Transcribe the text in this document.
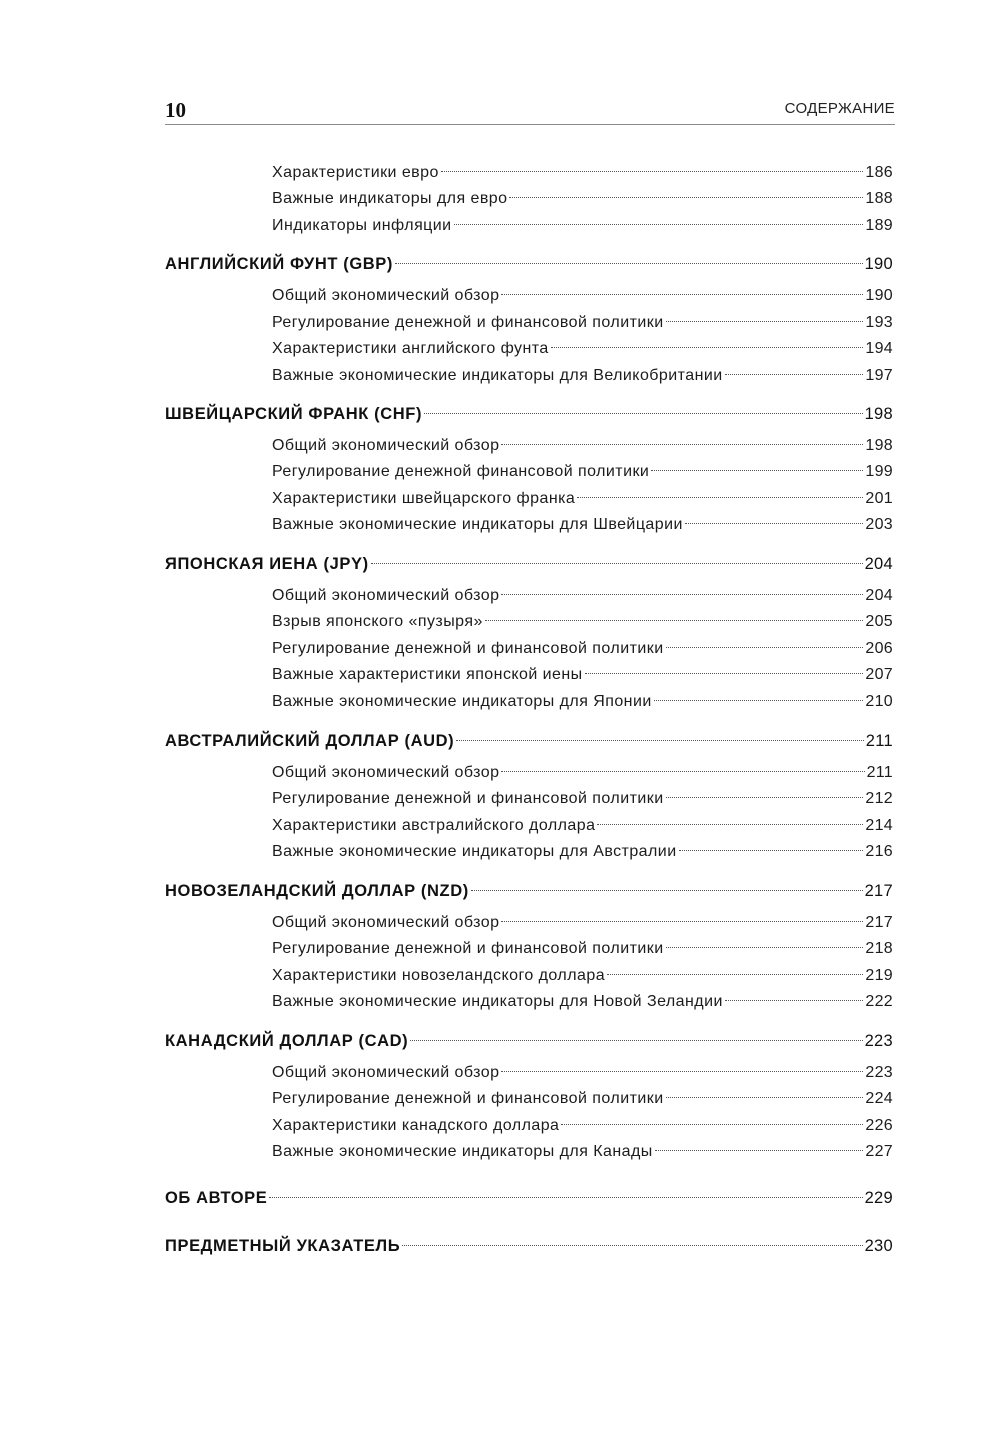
10	СОДЕРЖАНИЕ
Характеристики евро	186
Важные индикаторы для евро	188
Индикаторы инфляции	189
АНГЛИЙСКИЙ ФУНТ (GBP)	190
Общий экономический обзор	190
Регулирование денежной и финансовой политики	193
Характеристики английского фунта	194
Важные экономические индикаторы для Великобритании	197
ШВЕЙЦАРСКИЙ ФРАНК (CHF)	198
Общий экономический обзор	198
Регулирование денежной финансовой политики	199
Характеристики швейцарского франка	201
Важные экономические индикаторы для Швейцарии	203
ЯПОНСКАЯ ИЕНА (JPY)	204
Общий экономический обзор	204
Взрыв японского «пузыря»	205
Регулирование денежной и финансовой политики	206
Важные характеристики японской иены	207
Важные экономические индикаторы для Японии	210
АВСТРАЛИЙСКИЙ ДОЛЛАР (AUD)	211
Общий экономический обзор	211
Регулирование денежной и финансовой политики	212
Характеристики австралийского доллара	214
Важные экономические индикаторы для Австралии	216
НОВОЗЕЛАНДСКИЙ ДОЛЛАР (NZD)	217
Общий экономический обзор	217
Регулирование денежной и финансовой политики	218
Характеристики новозеландского доллара	219
Важные экономические индикаторы для Новой Зеландии	222
КАНАДСКИЙ ДОЛЛАР (CAD)	223
Общий экономический обзор	223
Регулирование денежной и финансовой политики	224
Характеристики канадского доллара	226
Важные экономические индикаторы для Канады	227
ОБ АВТОРЕ	229
ПРЕДМЕТНЫЙ УКАЗАТЕЛЬ	230
